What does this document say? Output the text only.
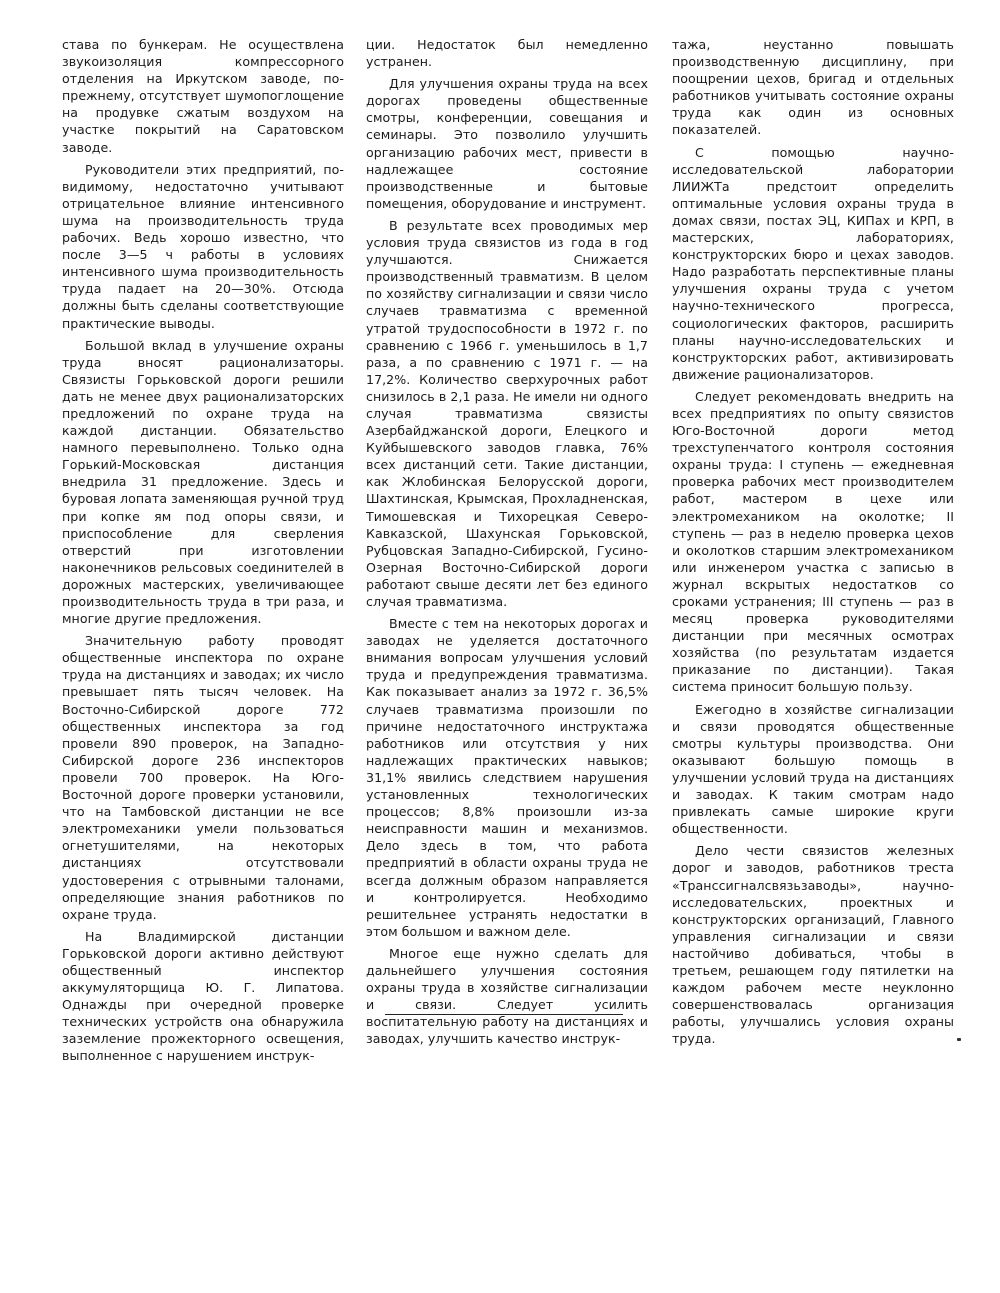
става по бункерам. Не осуществлена звукоизоляция компрессорного отделения на Иркутском заводе, по-прежнему, отсутствует шумопоглощение на продувке сжатым воздухом на участке покрытий на Саратовском заводе.

Руководители этих предприятий, по-видимому, недостаточно учитывают отрицательное влияние интенсивного шума на производительность труда рабочих. Ведь хорошо известно, что после 3—5 ч работы в условиях интенсивного шума производительность труда падает на 20—30%. Отсюда должны быть сделаны соответствующие практические выводы.

Большой вклад в улучшение охраны труда вносят рационализаторы. Связисты Горьковской дороги решили дать не менее двух рационализаторских предложений по охране труда на каждой дистанции. Обязательство намного перевыполнено. Только одна Горький-Московская дистанция внедрила 31 предложение. Здесь и буровая лопата заменяющая ручной труд при копке ям под опоры связи, и приспособление для сверления отверстий при изготовлении наконечников рельсовых соединителей в дорожных мастерских, увеличивающее производительность труда в три раза, и многие другие предложения.

Значительную работу проводят общественные инспектора по охране труда на дистанциях и заводах; их число превышает пять тысяч человек. На Восточно-Сибирской дороге 772 общественных инспектора за год провели 890 проверок, на Западно-Сибирской дороге 236 инспекторов провели 700 проверок. На Юго-Восточной дороге проверки установили, что на Тамбовской дистанции не все электромеханики умели пользоваться огнетушителями, на некоторых дистанциях отсутствовали удостоверения с отрывными талонами, определяющие знания работников по охране труда.

На Владимирской дистанции Горьковской дороги активно действуют общественный инспектор аккумуляторщица Ю. Г. Липатова. Однажды при очередной проверке технических устройств она обнаружила заземление прожекторного освещения, выполненное с нарушением инструк-

ции. Недостаток был немедленно устранен.

Для улучшения охраны труда на всех дорогах проведены общественные смотры, конференции, совещания и семинары. Это позволило улучшить организацию рабочих мест, привести в надлежащее состояние производственные и бытовые помещения, оборудование и инструмент.

В результате всех проводимых мер условия труда связистов из года в год улучшаются. Снижается производственный травматизм. В целом по хозяйству сигнализации и связи число случаев травматизма с временной утратой трудоспособности в 1972 г. по сравнению с 1966 г. уменьшилось в 1,7 раза, а по сравнению с 1971 г. — на 17,2%. Количество сверхурочных работ снизилось в 2,1 раза. Не имели ни одного случая травматизма связисты Азербайджанской дороги, Елецкого и Куйбышевского заводов главка, 76% всех дистанций сети. Такие дистанции, как Жлобинская Белорусской дороги, Шахтинская, Крымская, Прохладненская, Тимошевская и Тихорецкая Северо-Кавказской, Шахунская Горьковской, Рубцовская Западно-Сибирской, Гусино-Озерная Восточно-Сибирской дороги работают свыше десяти лет без единого случая травматизма.

Вместе с тем на некоторых дорогах и заводах не уделяется достаточного внимания вопросам улучшения условий труда и предупреждения травматизма. Как показывает анализ за 1972 г. 36,5% случаев травматизма произошли по причине недостаточного инструктажа работников или отсутствия у них надлежащих практических навыков; 31,1% явились следствием нарушения установленных технологических процессов; 8,8% произошли из-за неисправности машин и механизмов. Дело здесь в том, что работа предприятий в области охраны труда не всегда должным образом направляется и контролируется. Необходимо решительнее устранять недостатки в этом большом и важном деле.

Многое еще нужно сделать для дальнейшего улучшения состояния охраны труда в хозяйстве сигнализации и связи. Следует усилить воспитательную работу на дистанциях и заводах, улучшить качество инструк-

тажа, неустанно повышать производственную дисциплину, при поощрении цехов, бригад и отдельных работников учитывать состояние охраны труда как один из основных показателей.

С помощью научно-исследовательской лаборатории ЛИИЖТа предстоит определить оптимальные условия охраны труда в домах связи, постах ЭЦ, КИПах и КРП, в мастерских, лабораториях, конструкторских бюро и цехах заводов. Надо разработать перспективные планы улучшения охраны труда с учетом научно-технического прогресса, социологических факторов, расширить планы научно-исследовательских и конструкторских работ, активизировать движение рационализаторов.

Следует рекомендовать внедрить на всех предприятиях по опыту связистов Юго-Восточной дороги метод трехступенчатого контроля состояния охраны труда: I ступень — ежедневная проверка рабочих мест производителем работ, мастером в цехе или электромехаником на околотке; II ступень — раз в неделю проверка цехов и околотков старшим электромехаником или инженером участка с записью в журнал вскрытых недостатков со сроками устранения; III ступень — раз в месяц проверка руководителями дистанции при месячных осмотрах хозяйства (по результатам издается приказание по дистанции). Такая система приносит большую пользу.

Ежегодно в хозяйстве сигнализации и связи проводятся общественные смотры культуры производства. Они оказывают большую помощь в улучшении условий труда на дистанциях и заводах. К таким смотрам надо привлекать самые широкие круги общественности.

Дело чести связистов железных дорог и заводов, работников треста «Транссигналсвязьзаводы», научно-исследовательских, проектных и конструкторских организаций, Главного управления сигнализации и связи настойчиво добиваться, чтобы в третьем, решающем году пятилетки на каждом рабочем месте неуклонно совершенствовалась организация работы, улучшались условия охраны труда.
